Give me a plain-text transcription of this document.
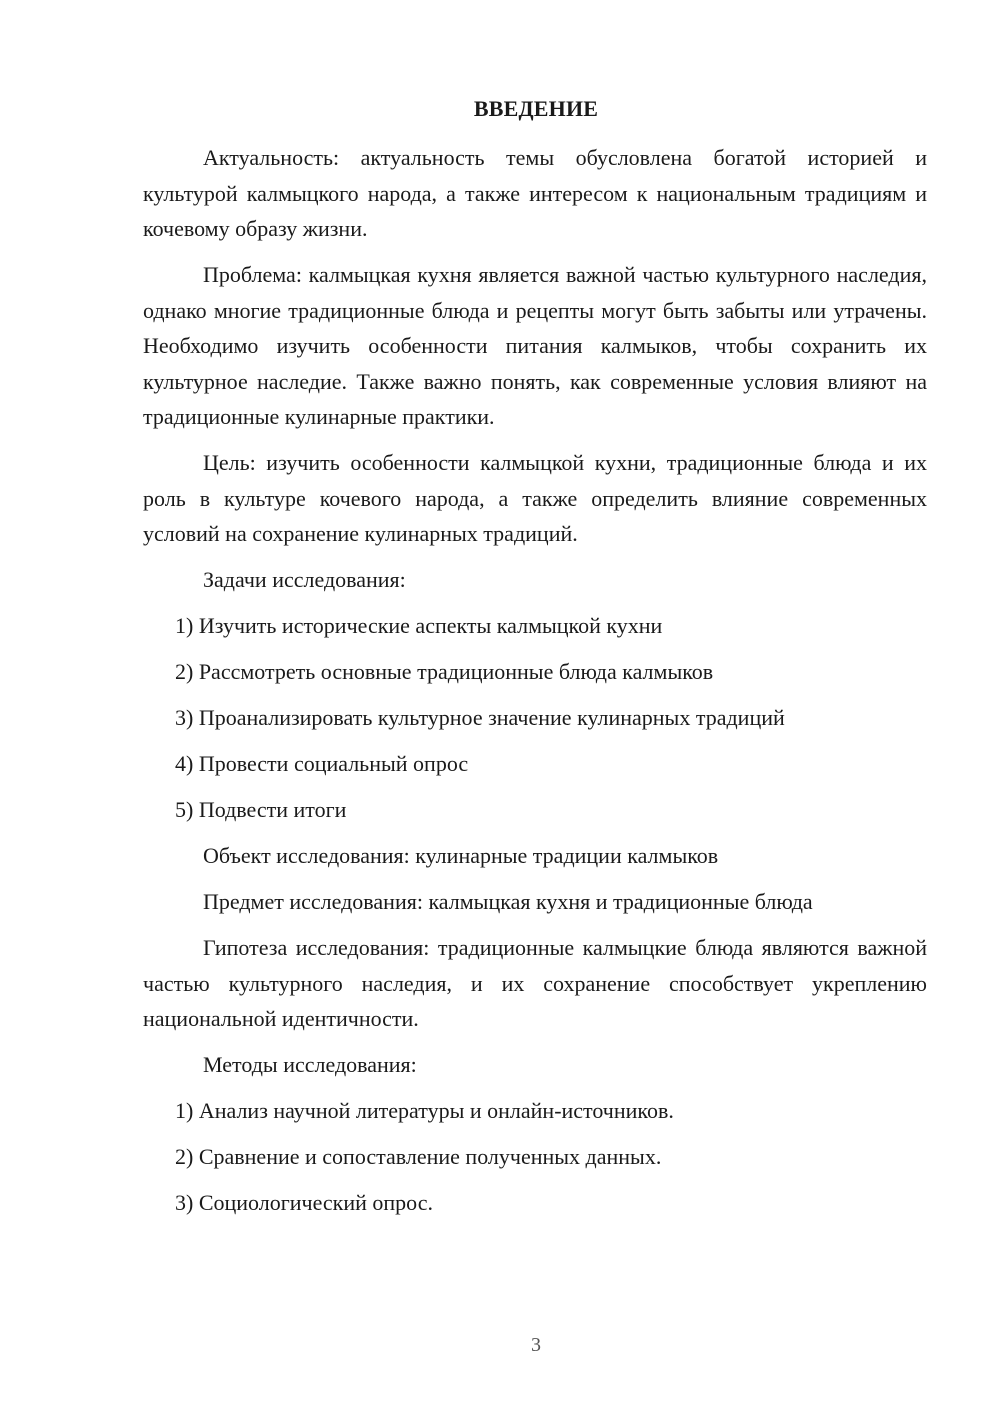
ВВЕДЕНИЕ

Актуальность: актуальность темы обусловлена богатой историей и культурой калмыцкого народа, а также интересом к национальным традициям и кочевому образу жизни.

Проблема: калмыцкая кухня является важной частью культурного наследия, однако многие традиционные блюда и рецепты могут быть забыты или утрачены. Необходимо изучить особенности питания калмыков, чтобы сохранить их культурное наследие. Также важно понять, как современные условия влияют на традиционные кулинарные практики.

Цель: изучить особенности калмыцкой кухни, традиционные блюда и их роль в культуре кочевого народа, а также определить влияние современных условий на сохранение кулинарных традиций.

Задачи исследования:

1) Изучить исторические аспекты калмыцкой кухни

2) Рассмотреть основные традиционные блюда калмыков

3) Проанализировать культурное значение кулинарных традиций

4) Провести социальный опрос

5) Подвести итоги

Объект исследования: кулинарные традиции калмыков

Предмет исследования: калмыцкая кухня и традиционные блюда

Гипотеза исследования: традиционные калмыцкие блюда являются важной частью культурного наследия, и их сохранение способствует укреплению национальной идентичности.

Методы исследования:

1) Анализ научной литературы и онлайн-источников.

2) Сравнение и сопоставление полученных данных.

3) Социологический опрос.

3
